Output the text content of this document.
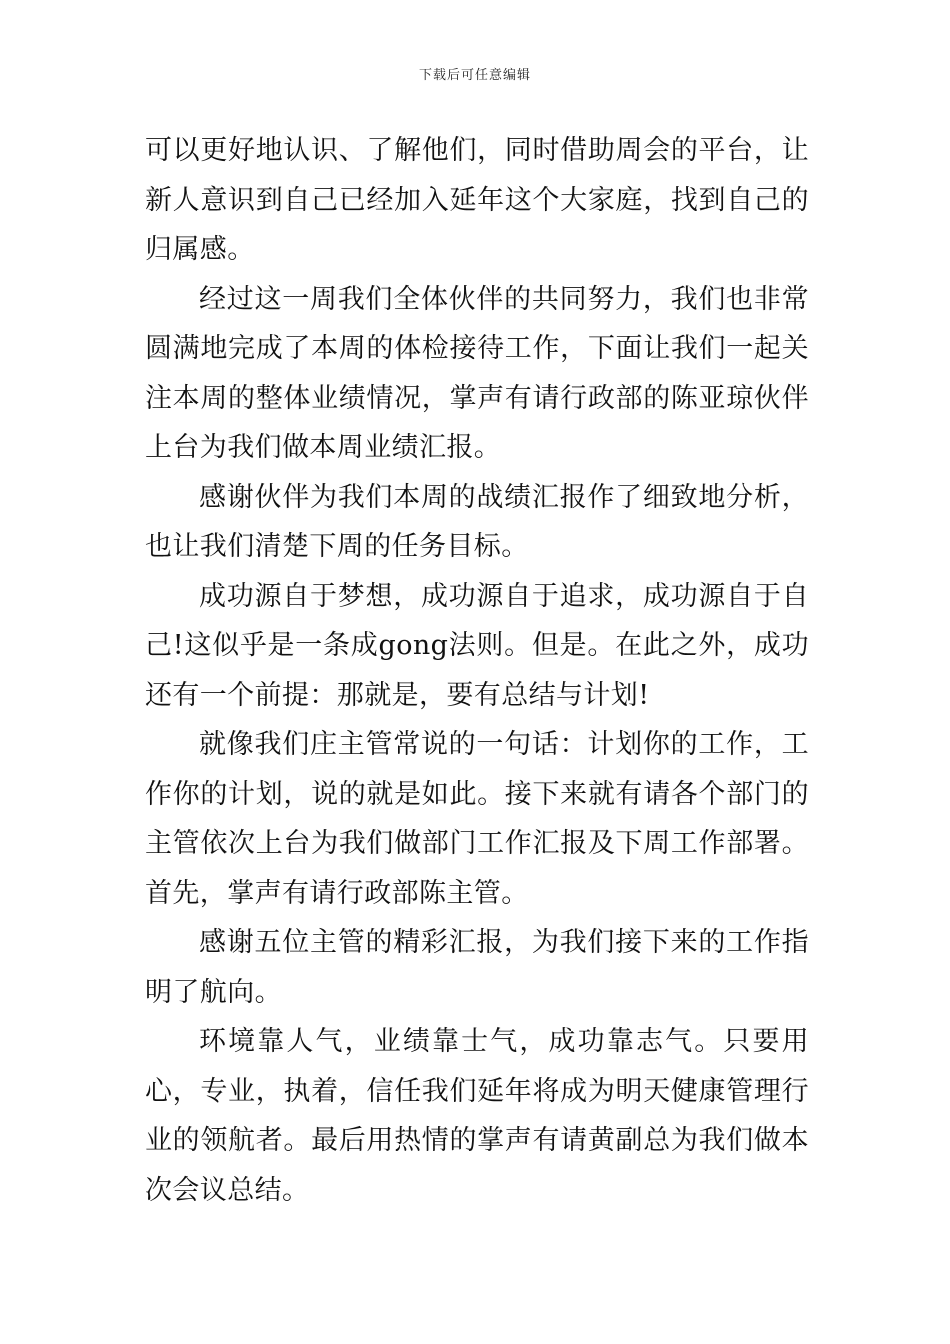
下载后可任意编辑

可以更好地认识、了解他们，同时借助周会的平台，让新人意识到自己已经加入延年这个大家庭，找到自己的归属感。

经过这一周我们全体伙伴的共同努力，我们也非常圆满地完成了本周的体检接待工作，下面让我们一起关注本周的整体业绩情况，掌声有请行政部的陈亚琼伙伴上台为我们做本周业绩汇报。

感谢伙伴为我们本周的战绩汇报作了细致地分析，也让我们清楚下周的任务目标。

成功源自于梦想，成功源自于追求，成功源自于自己!这似乎是一条成gong法则。但是。在此之外，成功还有一个前提：那就是，要有总结与计划!

就像我们庄主管常说的一句话：计划你的工作，工作你的计划，说的就是如此。接下来就有请各个部门的主管依次上台为我们做部门工作汇报及下周工作部署。首先，掌声有请行政部陈主管。

感谢五位主管的精彩汇报，为我们接下来的工作指明了航向。

环境靠人气，业绩靠士气，成功靠志气。只要用心，专业，执着，信任我们延年将成为明天健康管理行业的领航者。最后用热情的掌声有请黄副总为我们做本次会议总结。
